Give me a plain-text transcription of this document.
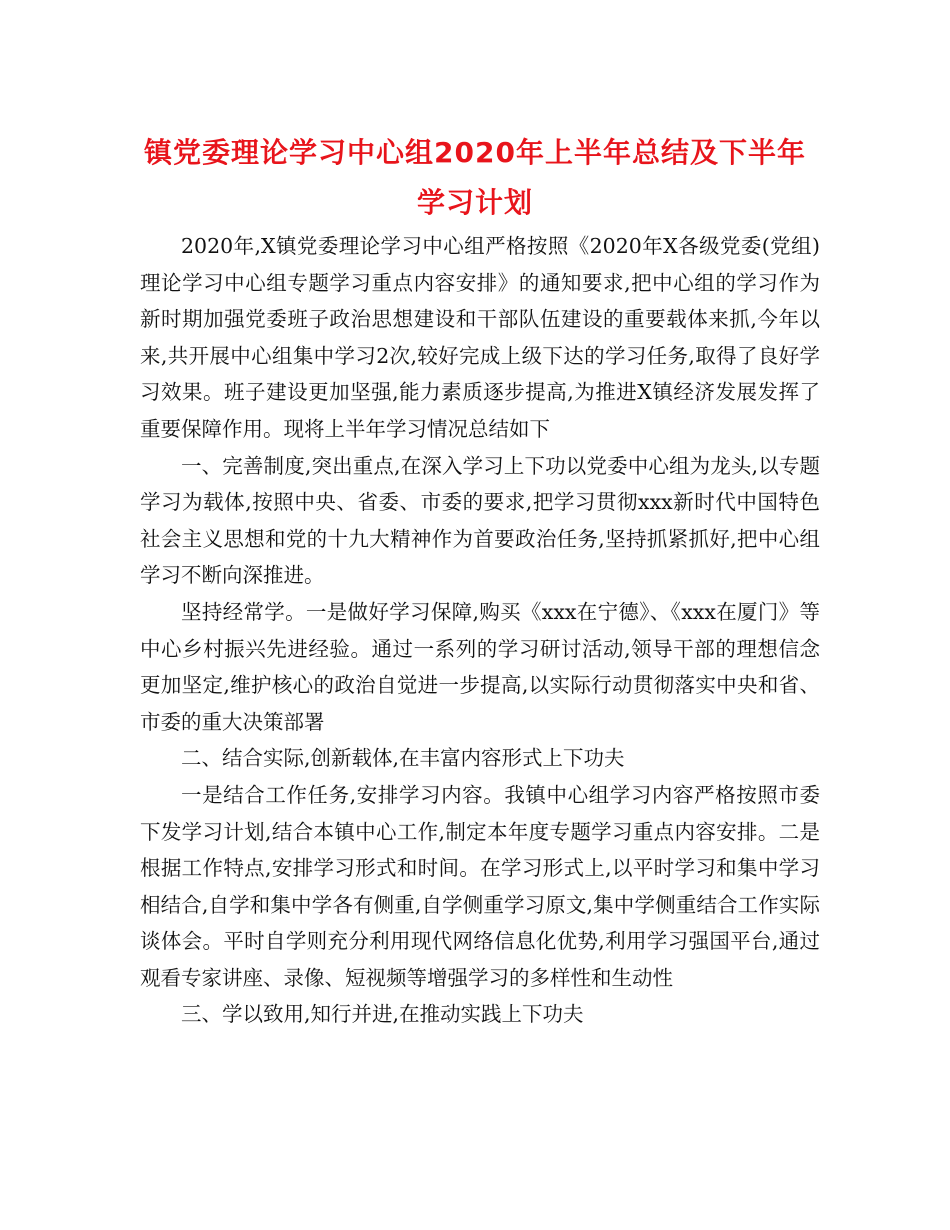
镇党委理论学习中心组2020年上半年总结及下半年学习计划

2020年,X镇党委理论学习中心组严格按照《2020年X各级党委(党组)理论学习中心组专题学习重点内容安排》的通知要求,把中心组的学习作为新时期加强党委班子政治思想建设和干部队伍建设的重要载体来抓,今年以来,共开展中心组集中学习2次,较好完成上级下达的学习任务,取得了良好学习效果。班子建设更加坚强,能力素质逐步提高,为推进X镇经济发展发挥了重要保障作用。现将上半年学习情况总结如下

一、完善制度,突出重点,在深入学习上下功以党委中心组为龙头,以专题学习为载体,按照中央、省委、市委的要求,把学习贯彻xxx新时代中国特色社会主义思想和党的十九大精神作为首要政治任务,坚持抓紧抓好,把中心组学习不断向深推进。

坚持经常学。一是做好学习保障,购买《xxx在宁德》、《xxx在厦门》等中心乡村振兴先进经验。通过一系列的学习研讨活动,领导干部的理想信念更加坚定,维护核心的政治自觉进一步提高,以实际行动贯彻落实中央和省、市委的重大决策部署

二、结合实际,创新载体,在丰富内容形式上下功夫

一是结合工作任务,安排学习内容。我镇中心组学习内容严格按照市委下发学习计划,结合本镇中心工作,制定本年度专题学习重点内容安排。二是根据工作特点,安排学习形式和时间。在学习形式上,以平时学习和集中学习相结合,自学和集中学各有侧重,自学侧重学习原文,集中学侧重结合工作实际谈体会。平时自学则充分利用现代网络信息化优势,利用学习强国平台,通过观看专家讲座、录像、短视频等增强学习的多样性和生动性

三、学以致用,知行并进,在推动实践上下功夫
